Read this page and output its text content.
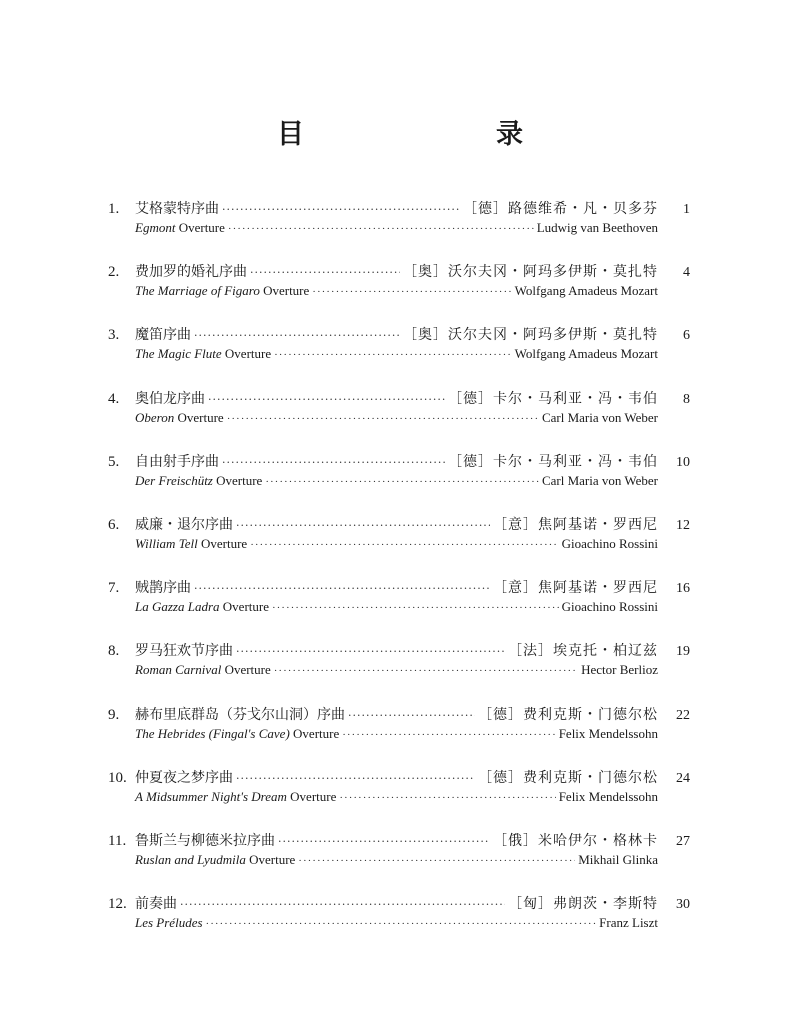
目　　录
1.	艾格蒙特序曲 ·····	［德］路德维希・凡・贝多芬	1
Egmont Overture ·····	Ludwig van Beethoven
2.	费加罗的婚礼序曲 ·····	［奥］沃尔夫冈・阿玛多伊斯・莫扎特	4
The Marriage of Figaro Overture ·····	Wolfgang Amadeus Mozart
3.	魔笛序曲 ·····	［奥］沃尔夫冈・阿玛多伊斯・莫扎特	6
The Magic Flute Overture ·····	Wolfgang Amadeus Mozart
4.	奥伯龙序曲 ·····	［德］卡尔・马利亚・冯・韦伯	8
Oberon Overture ·····	Carl Maria von Weber
5.	自由射手序曲 ·····	［德］卡尔・马利亚・冯・韦伯	10
Der Freischütz Overture ·····	Carl Maria von Weber
6.	威廉・退尔序曲 ·····	［意］焦阿基诺・罗西尼	12
William Tell Overture ·····	Gioachino Rossini
7.	贼鹊序曲 ·····	［意］焦阿基诺・罗西尼	16
La Gazza Ladra Overture ·····	Gioachino Rossini
8.	罗马狂欢节序曲 ·····	［法］埃克托・柏辽兹	19
Roman Carnival Overture ·····	Hector Berlioz
9.	赫布里底群岛（芬戈尔山洞）序曲 ·····	［德］费利克斯・门德尔松	22
The Hebrides (Fingal's Cave) Overture ·····	Felix Mendelssohn
10. 仲夏夜之梦序曲 ·····	［德］费利克斯・门德尔松	24
A Midsummer Night's Dream Overture ·····	Felix Mendelssohn
11. 鲁斯兰与柳德米拉序曲 ·····	［俄］米哈伊尔・格林卡	27
Ruslan and Lyudmila Overture ·····	Mikhail Glinka
12. 前奏曲 ·····	［匈］弗朗茨・李斯特	30
Les Préludes ·····	Franz Liszt
